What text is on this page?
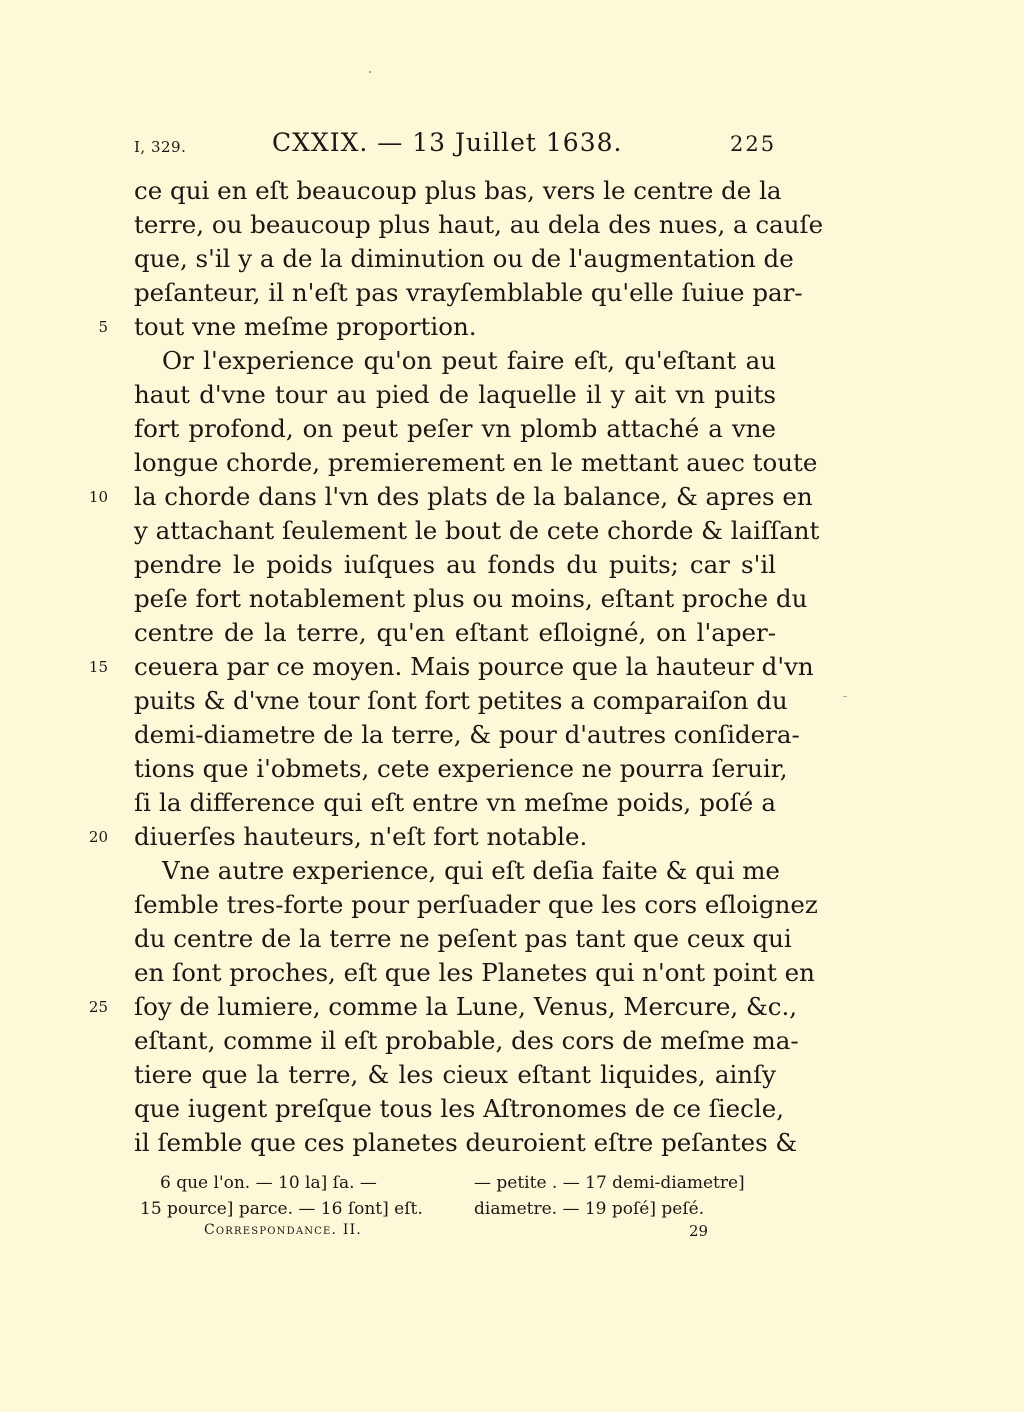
I, 329.	CXXIX. — 13 Juillet 1638.	225
ce qui en eſt beaucoup plus bas, vers le centre de la
terre, ou beaucoup plus haut, au dela des nues, a cauſe
que, s'il y a de la diminution ou de l'augmentation de
peſanteur, il n'eſt pas vrayſemblable qu'elle ſuiue par-
tout vne meſme proportion.
Or l'experience qu'on peut faire eſt, qu'eſtant au
haut d'vne tour au pied de laquelle il y ait vn puits
fort profond, on peut peſer vn plomb attaché a vne
longue chorde, premierement en le mettant auec toute
la chorde dans l'vn des plats de la balance, & apres en
y attachant ſeulement le bout de cete chorde & laiſſant
pendre le poids iuſques au fonds du puits; car s'il
peſe fort notablement plus ou moins, eſtant proche du
centre de la terre, qu'en eſtant eſloigné, on l'aper-
ceuera par ce moyen. Mais pource que la hauteur d'vn
puits & d'vne tour ſont fort petites a comparaiſon du
demi-diametre de la terre, & pour d'autres conſidera-
tions que i'obmets, cete experience ne pourra ſeruir,
ſi la difference qui eſt entre vn meſme poids, poſé a
diuerſes hauteurs, n'eſt fort notable.
Vne autre experience, qui eſt deſia faite & qui me
ſemble tres-forte pour perſuader que les cors eſloignez
du centre de la terre ne peſent pas tant que ceux qui
en ſont proches, eſt que les Planetes qui n'ont point en
ſoy de lumiere, comme la Lune, Venus, Mercure, &c.,
eſtant, comme il eſt probable, des cors de meſme ma-
tiere que la terre, & les cieux eſtant liquides, ainſy
que iugent preſque tous les Aſtronomes de ce ſiecle,
il ſemble que ces planetes deuroient eſtre peſantes &
5
10
15
20
25
6 que l'on. — 10 la] ſa. —
15 pource] parce. — 16 ſont] eſt.
— petite . — 17 demi-diametre]
diametre. — 19 poſé] peſé.
Correspondance. II.	29
